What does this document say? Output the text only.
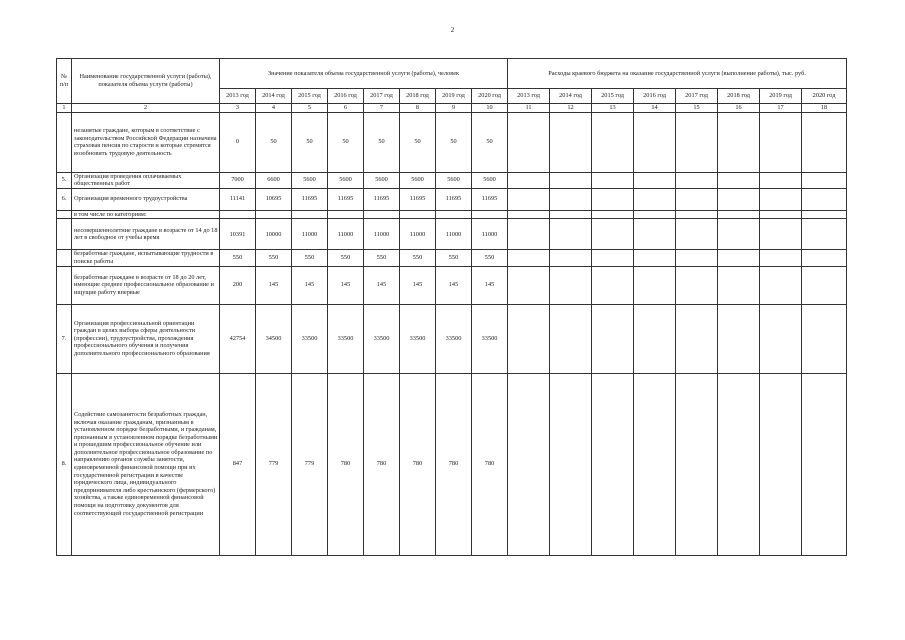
2
№ п/п	Наименование государственной услуги (работы), показателя объема услуги (работы)	Значение показателя объема государственной услуги (работы), человек								Расходы краевого бюджета на оказание государственной услуги (выполнение работы), тыс. руб.							
		2013 год	2014 год	2015 год	2016 год	2017 год	2018 год	2019 год	2020 год	2013 год	2014 год	2015 год	2016 год	2017 год	2018 год	2019 год	2020 год
1	2	3	4	5	6	7	8	9	10	11	12	13	14	15	16	17	18
	незанятые граждане, которым в соответствие с законодательством Российской Федерации назначена страховая пенсия по старости и которые стремятся возобновить трудовую деятельность	0	50	50	50	50	50	50	50								
5.	Организация проведения оплачиваемых общественных работ	7000	6600	5600	5600	5600	5600	5600	5600								
6.	Организация временного трудоустройства	11141	10695	11695	11695	11695	11695	11695	11695								
	в том числе по категориям:																
	несовершеннолетние граждане в возрасте от 14 до 18 лет в свободное от учебы время	10391	10000	11000	11000	11000	11000	11000	11000								
	безработные граждане, испытывающие трудности в поиске работы	550	550	550	550	550	550	550	550								
	безработные граждане в возрасте от 18 до 20 лет, имеющие среднее профессиональное образование и ищущие работу впервые	200	145	145	145	145	145	145	145								
7.	Организация профессиональной ориентации граждан в целях выбора сферы деятельности (профессии), трудоустройства, прохождения профессионального обучения и получения дополнительного профессионального образования	42754	34500	33500	33500	33500	33500	33500	33500								
8.	Содействие самозанятости безработных граждан, включая оказание гражданам, признанным в установленном порядке безработными, и гражданам, признанным в установленном порядке безработными и прошедшим профессиональное обучение или дополнительное профессиональное образование по направлению органов службы занятости, единовременной финансовой помощи при их государственной регистрации в качестве юридического лица, индивидуального предпринимателя либо крестьянского (фермерского) хозяйства, а также единовременной финансовой помощи на подготовку документов для соответствующей государственной регистрации	847	779	779	780	780	780	780	780								
